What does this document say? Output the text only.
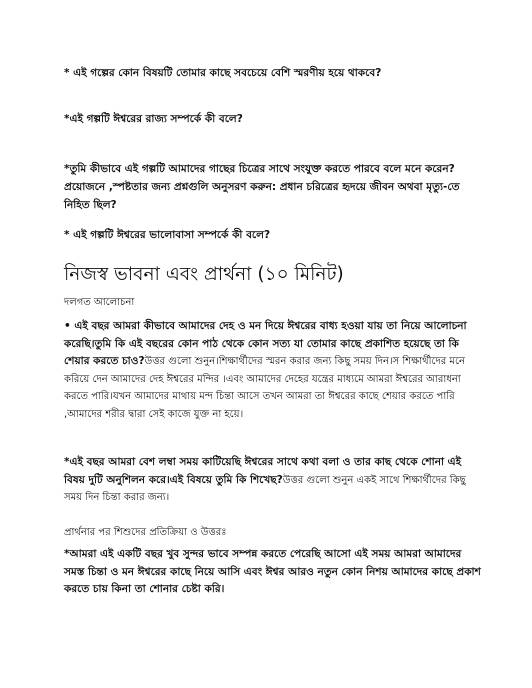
* এই গল্পের কোন বিষয়টি তোমার কাছে সবচেয়ে বেশি স্মরণীয় হয়ে থাকবে?

*এই গল্পটি ঈশ্বরের রাজ্য সম্পর্কে কী বলে?

*তুমি কীভাবে এই গল্পটি আমাদের গাছের চিত্রের সাথে সংযুক্ত করতে পারবে বলে মনে করেন? প্রয়োজনে ,স্পষ্টতার জন্য প্রশ্নগুলি অনুসরণ করুন: প্রধান চরিত্রের হৃদয়ে জীবন অথবা মৃত্যু-তে নিহিত ছিল?

* এই গল্পটি ঈশ্বরের ভালোবাসা সম্পর্কে কী বলে?

নিজস্ব ভাবনা এবং প্রার্থনা (১০ মিনিট)

দলগত আলোচনা

• এই বছর আমরা কীভাবে আমাদের দেহ ও মন দিয়ে ঈশ্বরের বাধ্য হওয়া যায় তা নিয়ে আলোচনা করেছি।তুমি কি এই বছরের কোন পাঠ থেকে কোন সত্য যা তোমার কাছে প্রকাশিত হয়েছে তা কি শেয়ার করতে চাও?উত্তর গুলো শুনুন।শিক্ষার্থীদের স্মরন করার জন্য কিছু সময় দিন।স শিক্ষার্থীদের মনে করিয়ে দেন আমাদের দেহ ঈশ্বরের মন্দির ।এবং আমাদের দেহের যন্ত্রের মাধ্যমে আমরা ঈশ্বরের আরাধনা করতে পারি।যখন আমাদের মাথায় মন্দ চিন্তা আসে তখন আমরা তা ঈশ্বরের কাছে শেয়ার করতে পারি ,আমাদের শরীর দ্বারা সেই কাজে যুক্ত না হয়ে।

*এই বছর আমরা বেশ লম্বা সময় কাটিয়েছি ঈশ্বরের সাথে কথা বলা ও তার কাছ থেকে শোনা এই বিষয় দুটি অনুশিলন করে।এই বিষয়ে তুমি কি শিখেছ?উত্তর গুলো শুনুন একই সাথে শিক্ষার্থীদের কিছু সময় দিন চিন্তা করার জন্য।

প্রার্থনার পর শিশুদের প্রতিক্রিয়া ও উত্তরঃ

*আমরা এই একটি বছর খুব সুন্দর ভাবে সম্পন্ন করতে পেরেছি আসো এই সময় আমরা আমাদের সমস্ত চিন্তা ও মন ঈশ্বরের কাছে নিয়ে আসি এবং ঈশ্বর আরও নতুন কোন নিশয় আমাদের কাছে প্রকাশ করতে চায় কিনা তা শোনার চেষ্টা করি।
